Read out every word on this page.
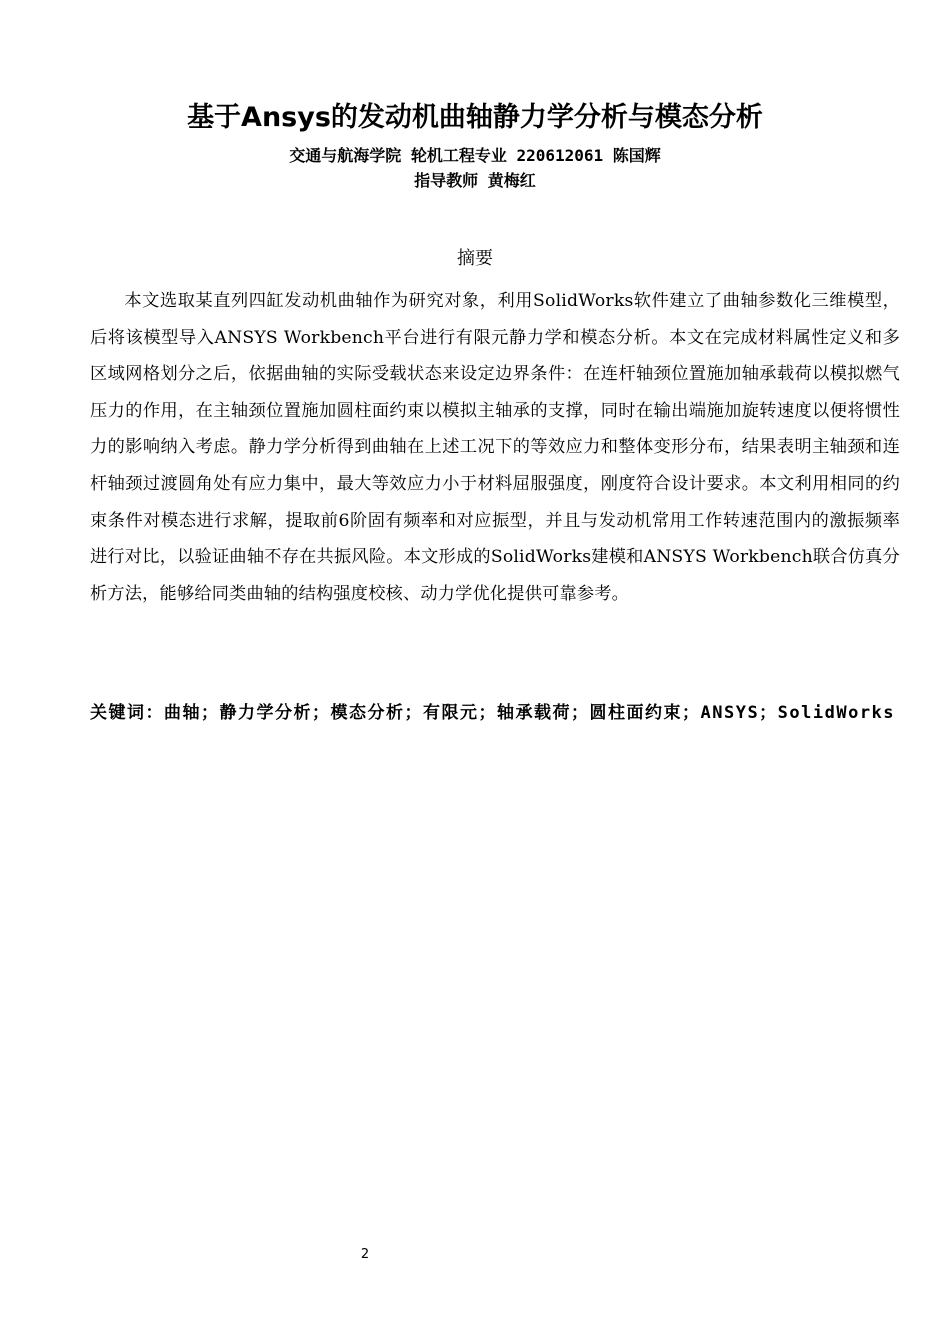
基于Ansys的发动机曲轴静力学分析与模态分析
交通与航海学院 轮机工程专业 220612061 陈国辉
指导教师 黄梅红
摘要

本文选取某直列四缸发动机曲轴作为研究对象，利用SolidWorks软件建立了曲轴参数化三维模型，后将该模型导入ANSYS Workbench平台进行有限元静力学和模态分析。本文在完成材料属性定义和多区域网格划分之后，依据曲轴的实际受载状态来设定边界条件：在连杆轴颈位置施加轴承载荷以模拟燃气压力的作用，在主轴颈位置施加圆柱面约束以模拟主轴承的支撑，同时在输出端施加旋转速度以便将惯性力的影响纳入考虑。静力学分析得到曲轴在上述工况下的等效应力和整体变形分布，结果表明主轴颈和连杆轴颈过渡圆角处有应力集中，最大等效应力小于材料屈服强度，刚度符合设计要求。本文利用相同的约束条件对模态进行求解，提取前6阶固有频率和对应振型，并且与发动机常用工作转速范围内的激振频率进行对比，以验证曲轴不存在共振风险。本文形成的SolidWorks建模和ANSYS Workbench联合仿真分析方法，能够给同类曲轴的结构强度校核、动力学优化提供可靠参考。

关键词：曲轴；静力学分析；模态分析；有限元；轴承载荷；圆柱面约束；ANSYS；SolidWorks

2
